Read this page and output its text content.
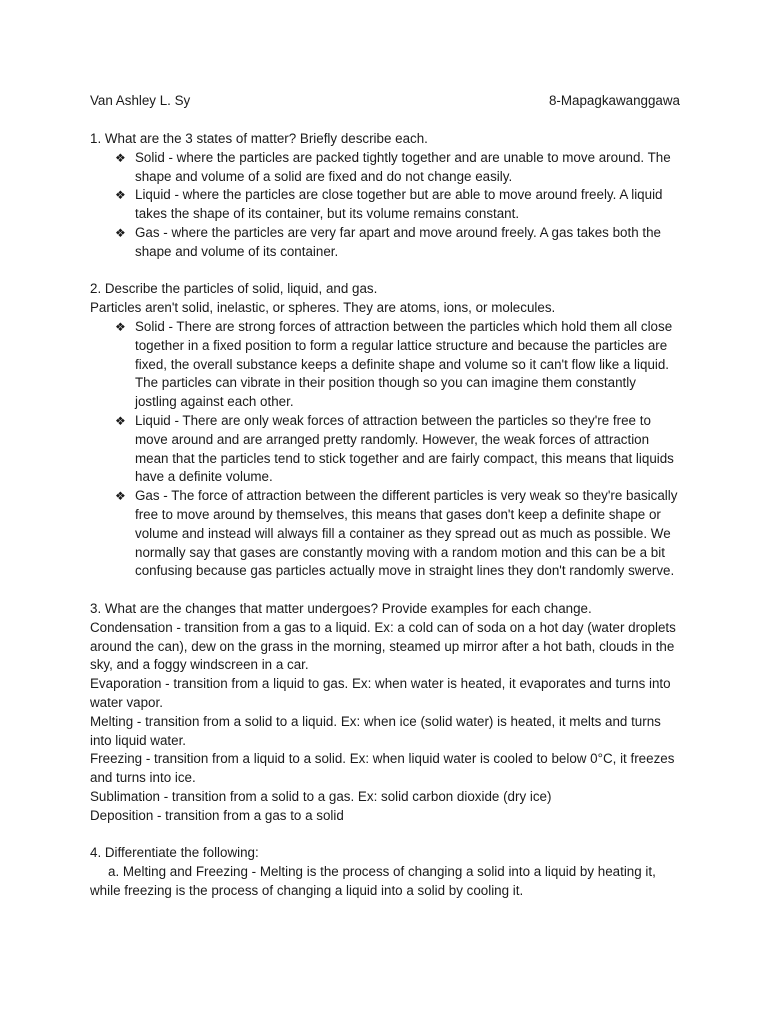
Van Ashley L. Sy	8-Mapagkawanggawa

1. What are the 3 states of matter? Briefly describe each.

❖ Solid - where the particles are packed tightly together and are unable to move around. The shape and volume of a solid are fixed and do not change easily.
❖ Liquid - where the particles are close together but are able to move around freely. A liquid takes the shape of its container, but its volume remains constant.
❖ Gas - where the particles are very far apart and move around freely. A gas takes both the shape and volume of its container.

2. Describe the particles of solid, liquid, and gas.

Particles aren't solid, inelastic, or spheres. They are atoms, ions, or molecules.

❖ Solid - There are strong forces of attraction between the particles which hold them all close together in a fixed position to form a regular lattice structure and because the particles are fixed, the overall substance keeps a definite shape and volume so it can't flow like a liquid. The particles can vibrate in their position though so you can imagine them constantly jostling against each other.
❖ Liquid - There are only weak forces of attraction between the particles so they're free to move around and are arranged pretty randomly. However, the weak forces of attraction mean that the particles tend to stick together and are fairly compact, this means that liquids have a definite volume.
❖ Gas - The force of attraction between the different particles is very weak so they're basically free to move around by themselves, this means that gases don't keep a definite shape or volume and instead will always fill a container as they spread out as much as possible. We normally say that gases are constantly moving with a random motion and this can be a bit confusing because gas particles actually move in straight lines they don't randomly swerve.

3. What are the changes that matter undergoes? Provide examples for each change.

Condensation - transition from a gas to a liquid. Ex: a cold can of soda on a hot day (water droplets around the can), dew on the grass in the morning, steamed up mirror after a hot bath, clouds in the sky, and a foggy windscreen in a car.

Evaporation - transition from a liquid to gas. Ex: when water is heated, it evaporates and turns into water vapor.

Melting - transition from a solid to a liquid. Ex: when ice (solid water) is heated, it melts and turns into liquid water.

Freezing - transition from a liquid to a solid. Ex: when liquid water is cooled to below 0°C, it freezes and turns into ice.

Sublimation - transition from a solid to a gas. Ex: solid carbon dioxide (dry ice)

Deposition - transition from a gas to a solid

4. Differentiate the following:

a. Melting and Freezing - Melting is the process of changing a solid into a liquid by heating it, while freezing is the process of changing a liquid into a solid by cooling it.
